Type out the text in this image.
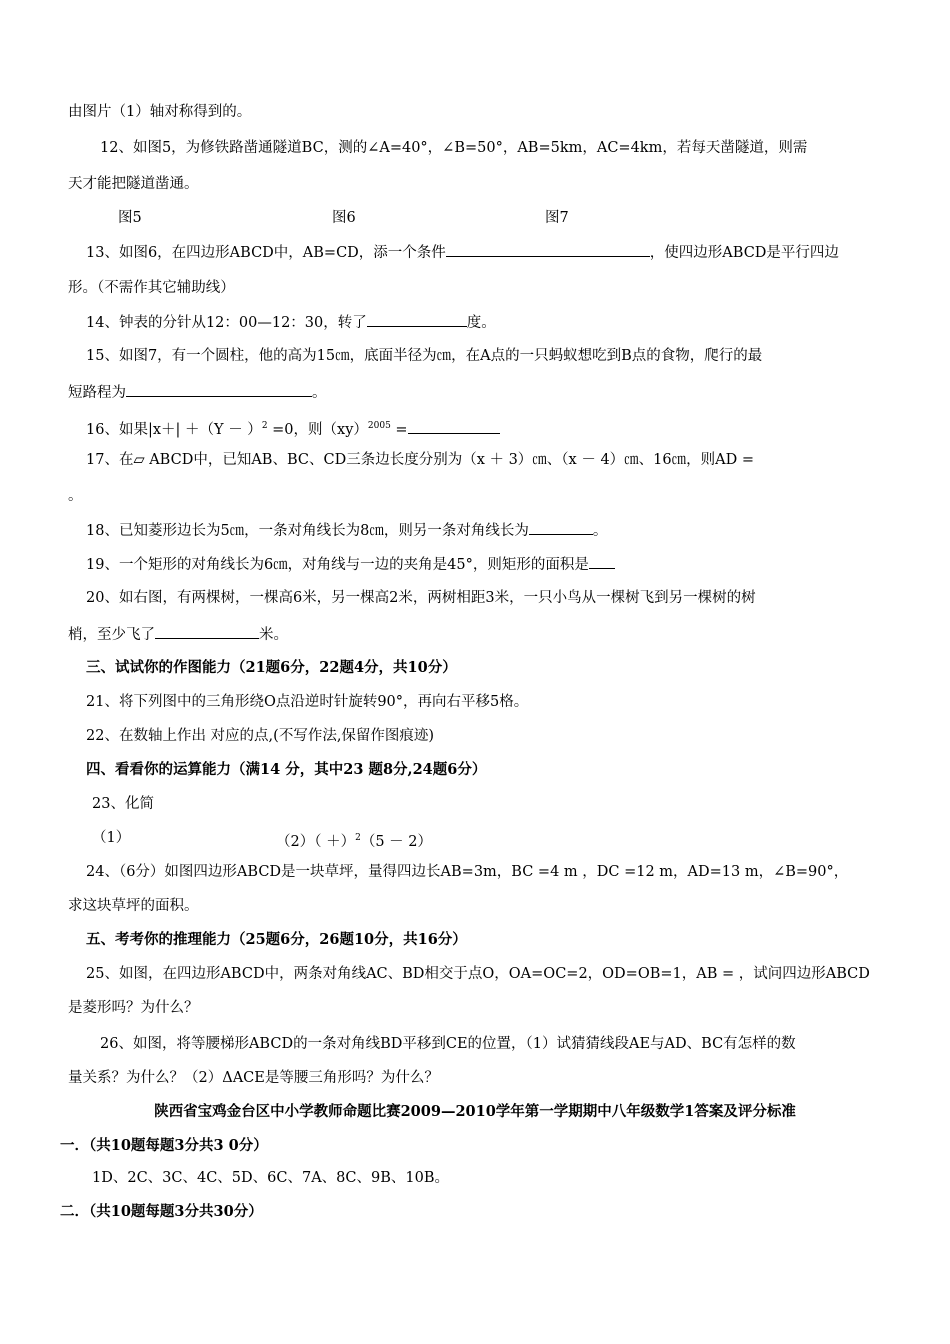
由图片（1）轴对称得到的。
12、如图5，为修铁路凿通隧道BC，测的∠A=40°，∠B=50°，AB=5km，AC=4km，若每天凿隧道，则需
天才能把隧道凿通。
图5	图6	图7
13、如图6，在四边形ABCD中，AB=CD，添一个条件	，使四边形ABCD是平行四边
形。（不需作其它辅助线）
14、钟表的分针从12：00—12：30，转了	度。
15、如图7，有一个圆柱，他的高为15㎝，底面半径为㎝，在A点的一只蚂蚁想吃到B点的食物，爬行的最
短路程为	。
16、如果$|x+| +(Y - )^2 =0$，则（xy）$^{2005}$ =
17、在▱ ABCD中，已知AB、BC、CD三条边长度分别为（x ＋ 3）㎝、（x － 4）㎝、16㎝，则AD =
。
18、已知菱形边长为5㎝，一条对角线长为8㎝，则另一条对角线长为	。
19、一个矩形的对角线长为6㎝，对角线与一边的夹角是45°，则矩形的面积是
20、如右图，有两棵树，一棵高6米，另一棵高2米，两树相距3米，一只小鸟从一棵树飞到另一棵树的树
梢，至少飞了	米。
三、试试你的作图能力（21题6分，22题4分，共10分）
21、将下列图中的三角形绕O点沿逆时针旋转90°，再向右平移5格。
22、在数轴上作出 对应的点,(不写作法,保留作图痕迹)
四、看看你的运算能力（满14 分，其中23 题8分,24题6分）
23、化简
（1）	$(2)( +)^2(5 - 2)$
24、（6分）如图四边形ABCD是一块草坪，量得四边长AB=3m，BC =4 m ，DC =12 m，AD=13 m，∠B=90°，
求这块草坪的面积。
五、考考你的推理能力（25题6分，26题10分，共16分）
25、如图，在四边形ABCD中，两条对角线AC、BD相交于点O，OA=OC=2，OD=OB=1，AB = ，试问四边形ABCD
是菱形吗？为什么？
26、如图，将等腰梯形ABCD的一条对角线BD平移到CE的位置，（1）试猜猜线段AE与AD、BC有怎样的数
量关系？为什么？（2）ΔACE是等腰三角形吗？为什么？
陕西省宝鸡金台区中小学教师命题比赛2009—2010学年第一学期期中八年级数学1答案及评分标准
一．（共10题每题3分共3 0分）
1D、2C、3C、4C、5D、6C、7A、8C、9B、10B。
二．（共10题每题3分共30分）
